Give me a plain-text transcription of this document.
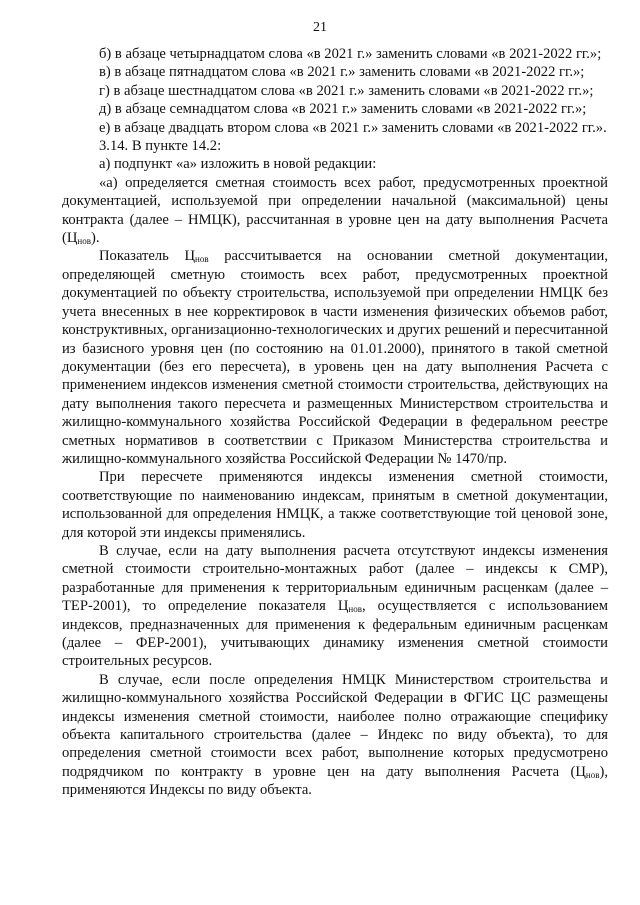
21

б) в абзаце четырнадцатом слова «в 2021 г.» заменить словами «в 2021-2022 гг.»;

в) в абзаце пятнадцатом слова «в 2021 г.» заменить словами «в 2021-2022 гг.»;

г) в абзаце шестнадцатом слова «в 2021 г.» заменить словами «в 2021-2022 гг.»;

д) в абзаце семнадцатом слова «в 2021 г.» заменить словами «в 2021-2022 гг.»;

е) в абзаце двадцать втором слова «в 2021 г.» заменить словами «в 2021-2022 гг.».

3.14. В пункте 14.2:

а) подпункт «а» изложить в новой редакции:

«а) определяется сметная стоимость всех работ, предусмотренных проектной документацией, используемой при определении начальной (максимальной) цены контракта (далее – НМЦК), рассчитанная в уровне цен на дату выполнения Расчета $(Ц_{нов})$.

Показатель $Ц_{нов}$ рассчитывается на основании сметной документации, определяющей сметную стоимость всех работ, предусмотренных проектной документацией по объекту строительства, используемой при определении НМЦК без учета внесенных в нее корректировок в части изменения физических объемов работ, конструктивных, организационно-технологических и других решений и пересчитанной из базисного уровня цен (по состоянию на 01.01.2000), принятого в такой сметной документации (без его пересчета), в уровень цен на дату выполнения Расчета с применением индексов изменения сметной стоимости строительства, действующих на дату выполнения такого пересчета и размещенных Министерством строительства и жилищно-коммунального хозяйства Российской Федерации в федеральном реестре сметных нормативов в соответствии с Приказом Министерства строительства и жилищно-коммунального хозяйства Российской Федерации № 1470/пр.

При пересчете применяются индексы изменения сметной стоимости, соответствующие по наименованию индексам, принятым в сметной документации, использованной для определения НМЦК, а также соответствующие той ценовой зоне, для которой эти индексы применялись.

В случае, если на дату выполнения расчета отсутствуют индексы изменения сметной стоимости строительно-монтажных работ (далее – индексы к СМР), разработанные для применения к территориальным единичным расценкам (далее – ТЕР-2001), то определение показателя $Ц_{нов}$, осуществляется с использованием индексов, предназначенных для применения к федеральным единичным расценкам (далее – ФЕР-2001), учитывающих динамику изменения сметной стоимости строительных ресурсов.

В случае, если после определения НМЦК Министерством строительства и жилищно-коммунального хозяйства Российской Федерации в ФГИС ЦС размещены индексы изменения сметной стоимости, наиболее полно отражающие специфику объекта капитального строительства (далее – Индекс по виду объекта), то для определения сметной стоимости всех работ, выполнение которых предусмотрено подрядчиком по контракту в уровне цен на дату выполнения Расчета $(Ц_{нов})$, применяются Индексы по виду объекта.
